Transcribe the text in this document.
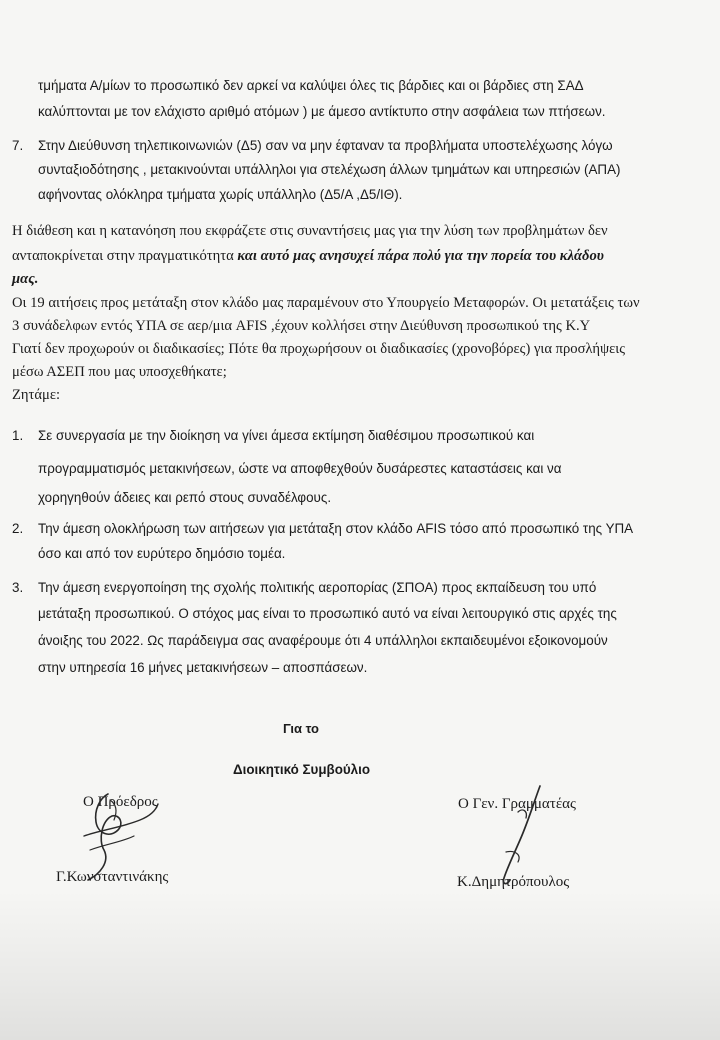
τμήματα Α/μίων το προσωπικό δεν αρκεί να καλύψει όλες τις βάρδιες και οι βάρδιες στη ΣΑΔ
καλύπτονται με τον ελάχιστο αριθμό ατόμων ) με άμεσο αντίκτυπο στην ασφάλεια των πτήσεων.
7. Στην Διεύθυνση τηλεπικοινωνιών (Δ5) σαν να μην έφταναν τα προβλήματα υποστελέχωσης λόγω
συνταξιοδότησης , μετακινούνται υπάλληλοι για στελέχωση άλλων τμημάτων και υπηρεσιών (ΑΠΑ)
αφήνοντας ολόκληρα τμήματα χωρίς υπάλληλο (Δ5/Α ,Δ5/ΙΘ).
Η διάθεση και η κατανόηση που εκφράζετε στις συναντήσεις μας για την λύση των προβλημάτων δεν
ανταποκρίνεται στην πραγματικότητα και αυτό μας ανησυχεί πάρα πολύ για την πορεία του κλάδου
μας.
Οι 19 αιτήσεις προς μετάταξη στον κλάδο μας παραμένουν στο Υπουργείο Μεταφορών. Οι μετατάξεις των
3 συνάδελφων εντός ΥΠΑ σε αερ/μια AFIS ,έχουν κολλήσει στην Διεύθυνση προσωπικού της Κ.Υ
Γιατί δεν προχωρούν οι διαδικασίες; Πότε θα προχωρήσουν οι διαδικασίες (χρονοβόρες) για προσλήψεις
μέσω ΑΣΕΠ που μας υποσχεθήκατε;
Ζητάμε:
1. Σε συνεργασία με την διοίκηση να γίνει άμεσα εκτίμηση διαθέσιμου προσωπικού και
προγραμματισμός μετακινήσεων, ώστε να αποφθεχθούν δυσάρεστες καταστάσεις και να
χορηγηθούν άδειες και ρεπό στους συναδέλφους.
2. Την άμεση ολοκλήρωση των αιτήσεων για μετάταξη στον κλάδο AFIS τόσο από προσωπικό της ΥΠΑ
όσο και από τον ευρύτερο δημόσιο τομέα.
3. Την άμεση ενεργοποίηση της σχολής πολιτικής αεροπορίας (ΣΠΟΑ) προς εκπαίδευση του υπό
μετάταξη προσωπικού. Ο στόχος μας είναι το προσωπικό αυτό να είναι λειτουργικό στις αρχές της
άνοιξης του 2022. Ως παράδειγμα σας αναφέρουμε ότι 4 υπάλληλοι εκπαιδευμένοι εξοικονομούν
στην υπηρεσία 16 μήνες μετακινήσεων – αποσπάσεων.
Για το
Διοικητικό Συμβούλιο
Ο Πρόεδρος
Γ.Κωνσταντινάκης
Ο Γεν. Γραμματέας
Κ.Δημητρόπουλος
